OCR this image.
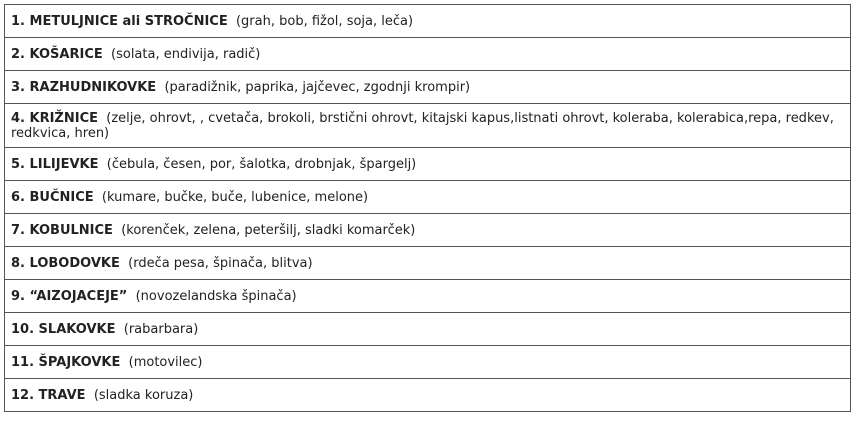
1. METULJNICE ali STROČNICE (grah, bob, fižol, soja, leča)
2. KOŠARICE (solata, endivija, radič)
3. RAZHUDNIKOVKE (paradižnik, paprika, jajčevec, zgodnji krompir)
4. KRIŽNICE (zelje, ohrovt, , cvetača, brokoli, brstični ohrovt, kitajski kapus,listnati ohrovt, koleraba, kolerabica,repa, redkev, redkvica, hren)
5. LILIJEVKE (čebula, česen, por, šalotka, drobnjak, špargelj)
6. BUČNICE (kumare, bučke, buče, lubenice, melone)
7. KOBULNICE (korenček, zelena, peteršilj, sladki komarček)
8. LOBODOVKE (rdeča pesa, špinača, blitva)
9. “AIZOJACEJE” (novozelandska špinača)
10. SLAKOVKE (rabarbara)
11. ŠPAJKOVKE (motovilec)
12. TRAVE (sladka koruza)
